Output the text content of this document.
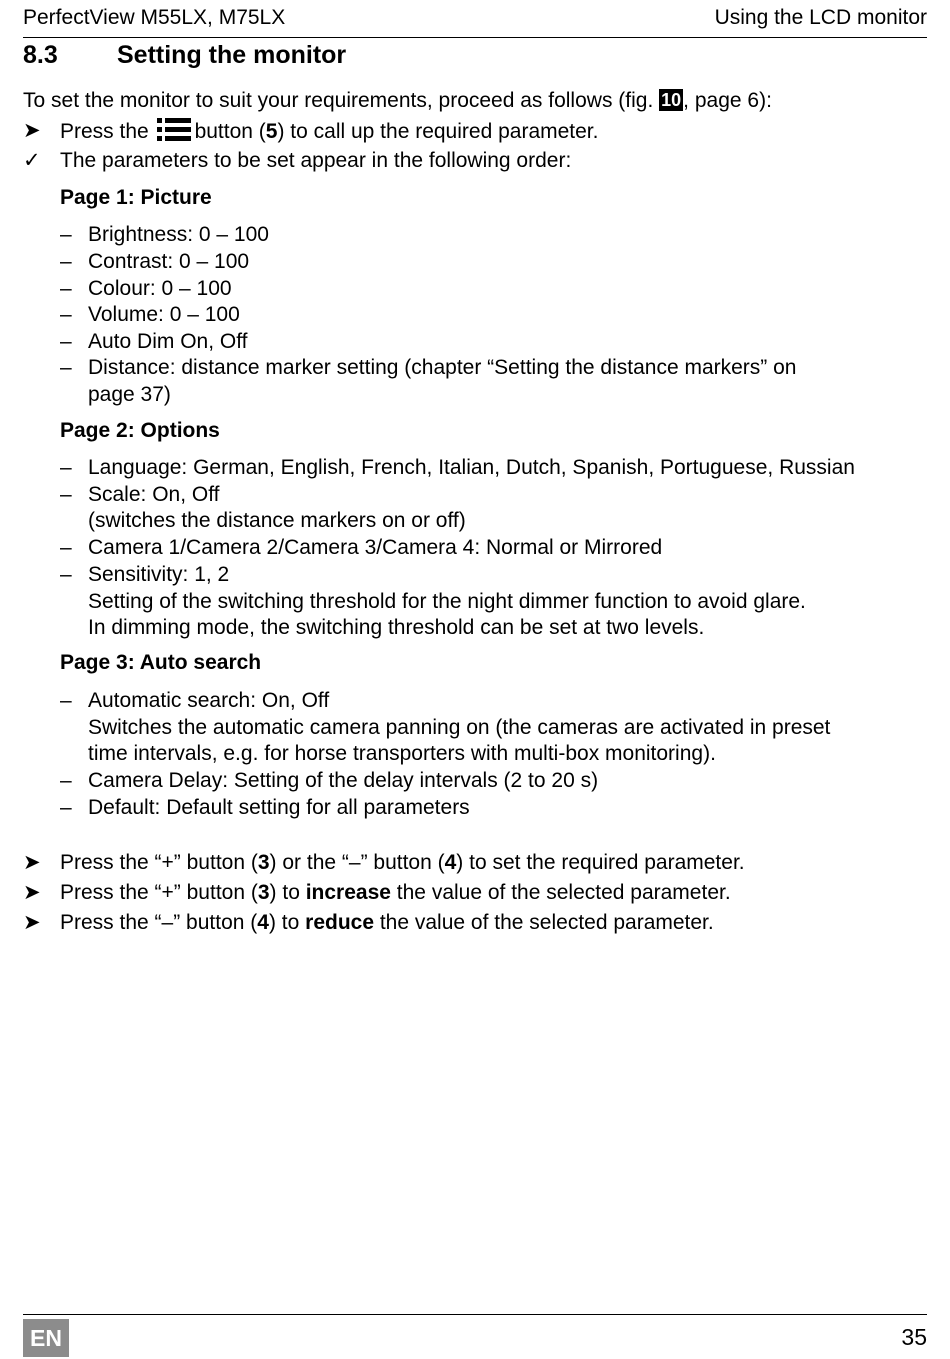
PerfectView M55LX, M75LX	Using the LCD monitor
8.3 Setting the monitor
To set the monitor to suit your requirements, proceed as follows (fig. 10, page 6):
➤ Press the button (5) to call up the required parameter.
✓ The parameters to be set appear in the following order:
Page 1: Picture
– Brightness: 0 – 100
– Contrast: 0 – 100
– Colour: 0 – 100
– Volume: 0 – 100
– Auto Dim On, Off
– Distance: distance marker setting (chapter “Setting the distance markers” on
page 37)
Page 2: Options
– Language: German, English, French, Italian, Dutch, Spanish, Portuguese, Russian
– Scale: On, Off
(switches the distance markers on or off)
– Camera 1/Camera 2/Camera 3/Camera 4: Normal or Mirrored
– Sensitivity: 1, 2
Setting of the switching threshold for the night dimmer function to avoid glare.
In dimming mode, the switching threshold can be set at two levels.
Page 3: Auto search
– Automatic search: On, Off
Switches the automatic camera panning on (the cameras are activated in preset
time intervals, e.g. for horse transporters with multi-box monitoring).
– Camera Delay: Setting of the delay intervals (2 to 20 s)
– Default: Default setting for all parameters
➤ Press the “+” button (3) or the “–” button (4) to set the required parameter.
➤ Press the “+” button (3) to increase the value of the selected parameter.
➤ Press the “–” button (4) to reduce the value of the selected parameter.
EN	35
